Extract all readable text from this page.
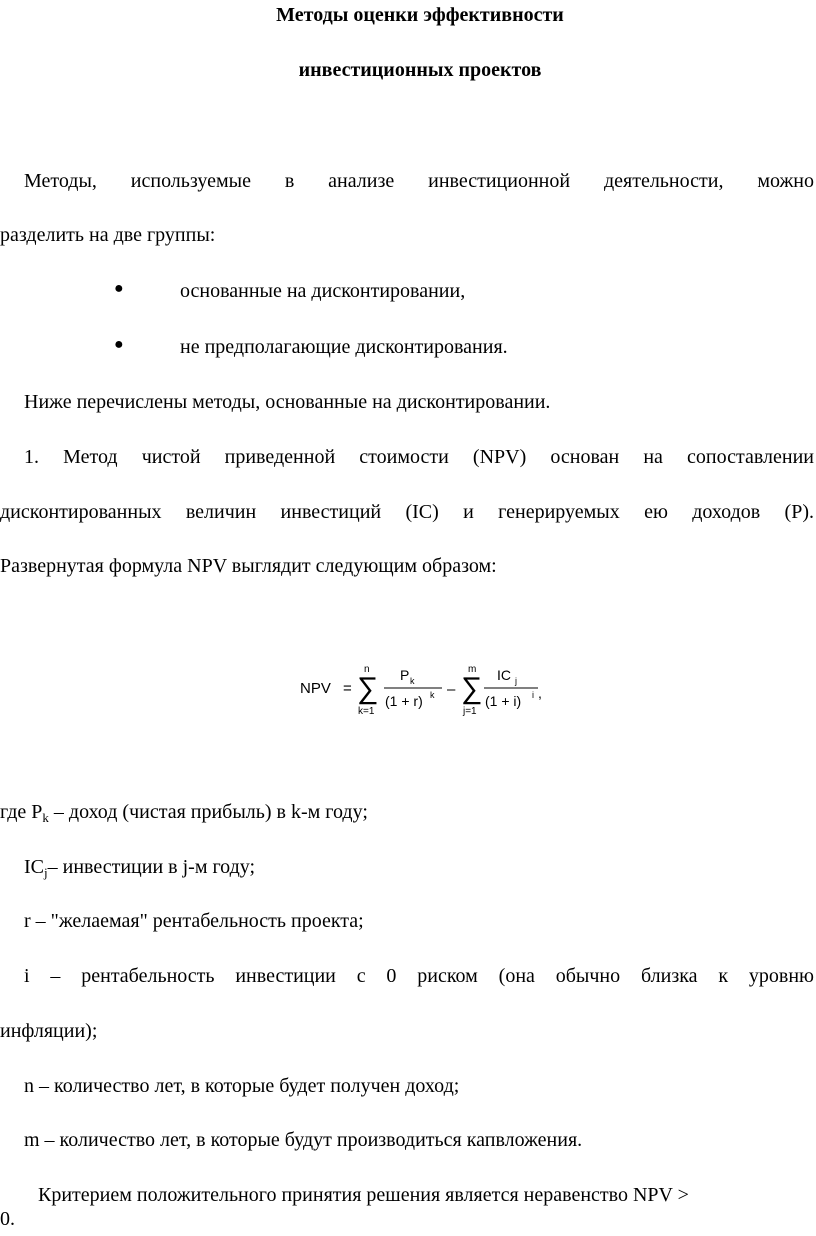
Методы оценки эффективности
инвестиционных проектов
Методы, используемые в анализе инвестиционной деятельности, можно
разделить на две группы:
●	основанные на дисконтировании,
●	не предполагающие дисконтирования.
Ниже перечислены методы, основанные на дисконтировании.
1. Метод чистой приведенной стоимости (NPV) основан на сопоставлении
дисконтированных величин инвестиций (IC) и генерируемых ею доходов (P).
Развернутая формула NPV выглядит следующим образом:
NPV =
n
∑
k=1
P k
(1 + r) k –
m
∑
j=1
IC j
(1 + i) i ,
где $P_k$ – доход (чистая прибыль) в k-м году;
$IC_j-$ инвестиции в j-м году;
r – "желаемая" рентабельность проекта;
i – рентабельность инвестиции с 0 риском (она обычно близка к уровню
инфляции);
n – количество лет, в которые будет получен доход;
m – количество лет, в которые будут производиться капвложения.
Критерием положительного принятия решения является неравенство NPV >
0.
